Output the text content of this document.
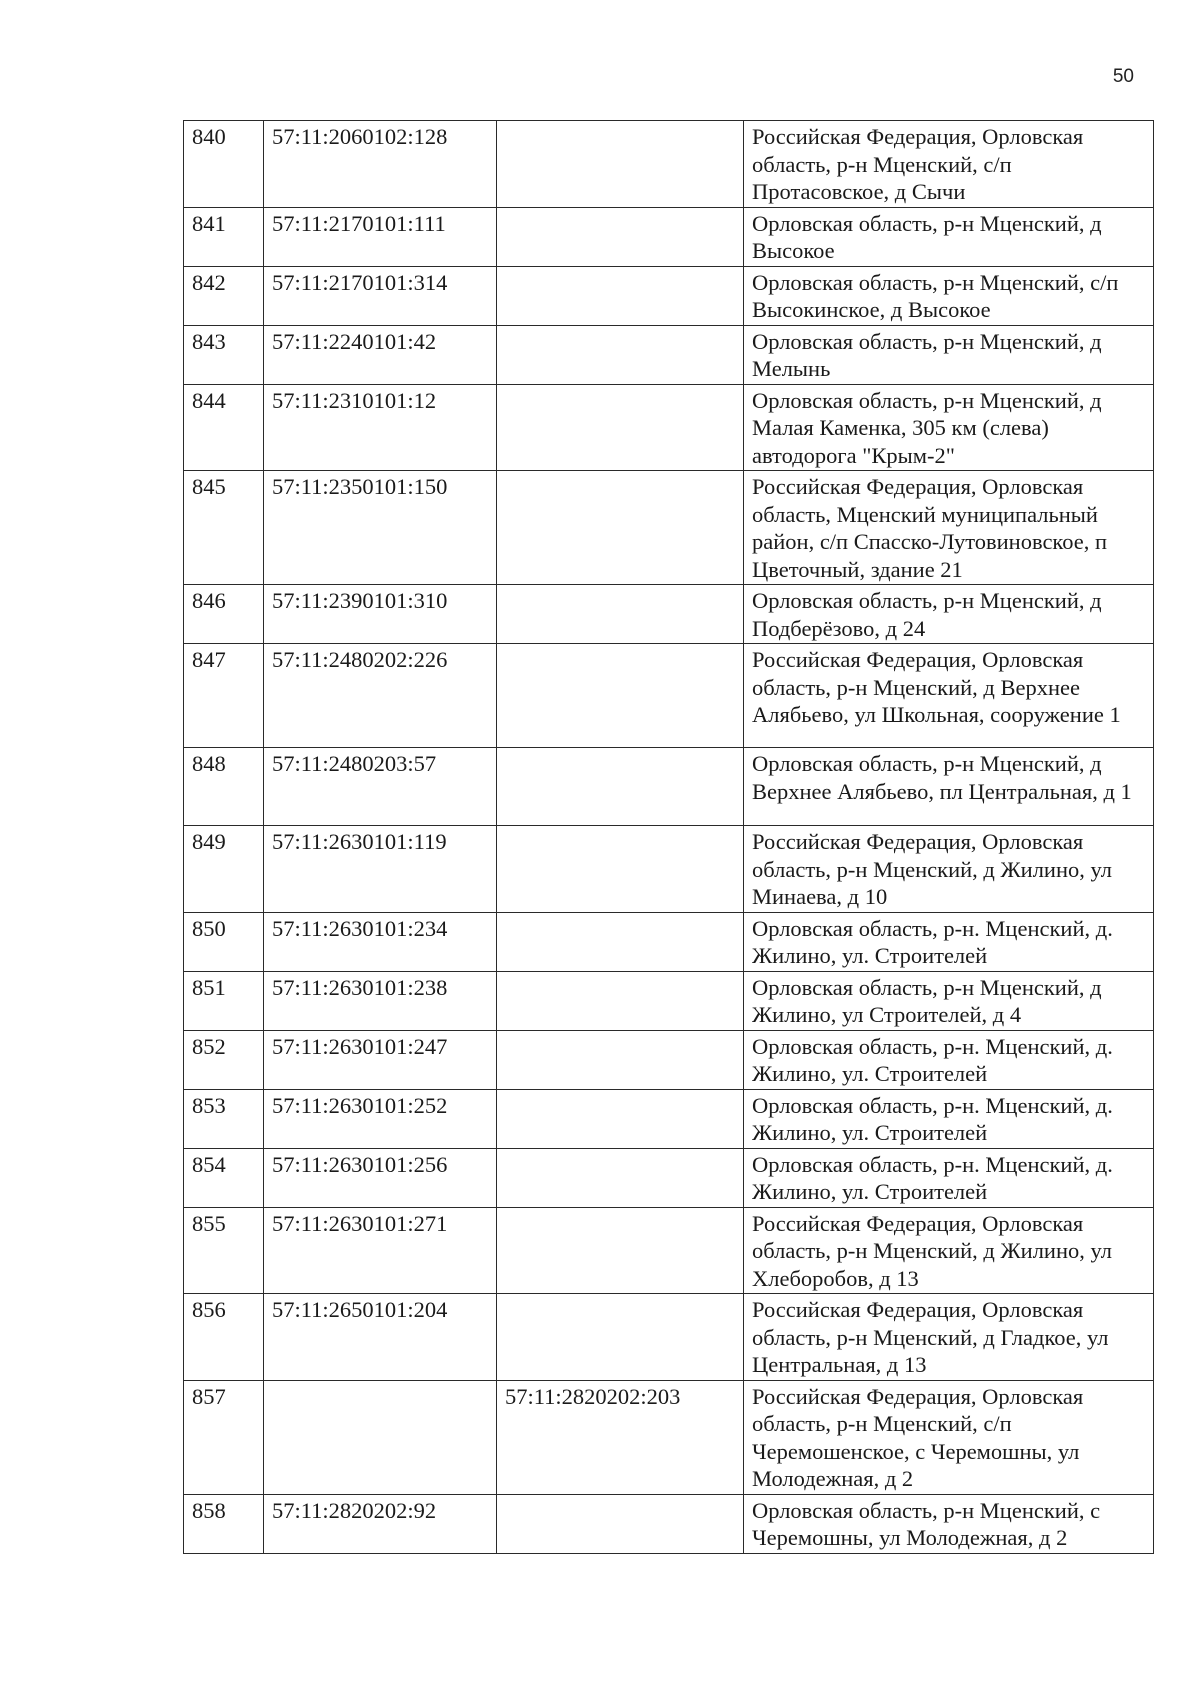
50
840	57:11:2060102:128		Российская Федерация, Орловская область, р-н Мценский, с/п Протасовское, д Сычи
841	57:11:2170101:111		Орловская область, р-н Мценский, д Высокое
842	57:11:2170101:314		Орловская область, р-н Мценский, с/п Высокинское, д Высокое
843	57:11:2240101:42		Орловская область, р-н Мценский, д Мелынь
844	57:11:2310101:12		Орловская область, р-н Мценский, д Малая Каменка, 305 км (слева) автодорога "Крым-2"
845	57:11:2350101:150		Российская Федерация, Орловская область, Мценский муниципальный район, с/п Спасско-Лутовиновское, п Цветочный, здание 21
846	57:11:2390101:310		Орловская область, р-н Мценский, д Подберёзово, д 24
847	57:11:2480202:226		Российская Федерация, Орловская область, р-н Мценский, д Верхнее Алябьево, ул Школьная, сооружение 1
848	57:11:2480203:57		Орловская область, р-н Мценский, д Верхнее Алябьево, пл Центральная, д 1
849	57:11:2630101:119		Российская Федерация, Орловская область, р-н Мценский, д Жилино, ул Минаева, д 10
850	57:11:2630101:234		Орловская область, р-н. Мценский, д. Жилино, ул. Строителей
851	57:11:2630101:238		Орловская область, р-н Мценский, д Жилино, ул Строителей, д 4
852	57:11:2630101:247		Орловская область, р-н. Мценский, д. Жилино, ул. Строителей
853	57:11:2630101:252		Орловская область, р-н. Мценский, д. Жилино, ул. Строителей
854	57:11:2630101:256		Орловская область, р-н. Мценский, д. Жилино, ул. Строителей
855	57:11:2630101:271		Российская Федерация, Орловская область, р-н Мценский, д Жилино, ул Хлеборобов, д 13
856	57:11:2650101:204		Российская Федерация, Орловская область, р-н Мценский, д Гладкое, ул Центральная, д 13
857		57:11:2820202:203	Российская Федерация, Орловская область, р-н Мценский, с/п Черемошенское, с Черемошны, ул Молодежная, д 2
858	57:11:2820202:92		Орловская область, р-н Мценский, с Черемошны, ул Молодежная, д 2
